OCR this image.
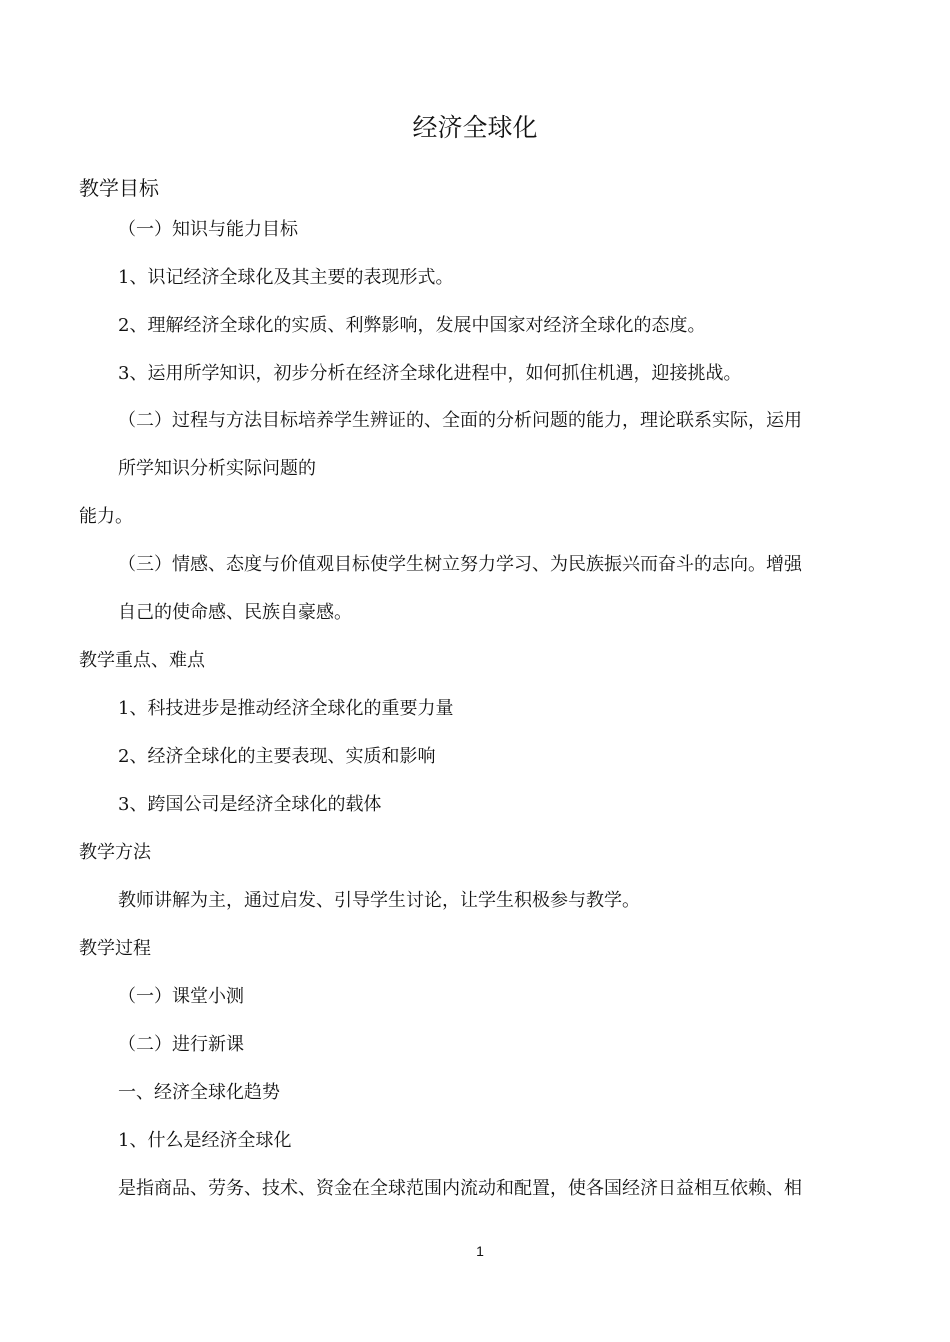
经济全球化
教学目标
（一）知识与能力目标
1、识记经济全球化及其主要的表现形式。
2、理解经济全球化的实质、利弊影响，发展中国家对经济全球化的态度。
3、运用所学知识，初步分析在经济全球化进程中，如何抓住机遇，迎接挑战。
（二）过程与方法目标培养学生辨证的、全面的分析问题的能力，理论联系实际，运用
所学知识分析实际问题的
能力。
（三）情感、态度与价值观目标使学生树立努力学习、为民族振兴而奋斗的志向。增强
自己的使命感、民族自豪感。
教学重点、难点
1、科技进步是推动经济全球化的重要力量
2、经济全球化的主要表现、实质和影响
3、跨国公司是经济全球化的载体
教学方法
教师讲解为主，通过启发、引导学生讨论，让学生积极参与教学。
教学过程
（一）课堂小测
（二）进行新课
一、经济全球化趋势
1、什么是经济全球化
是指商品、劳务、技术、资金在全球范围内流动和配置，使各国经济日益相互依赖、相
1
